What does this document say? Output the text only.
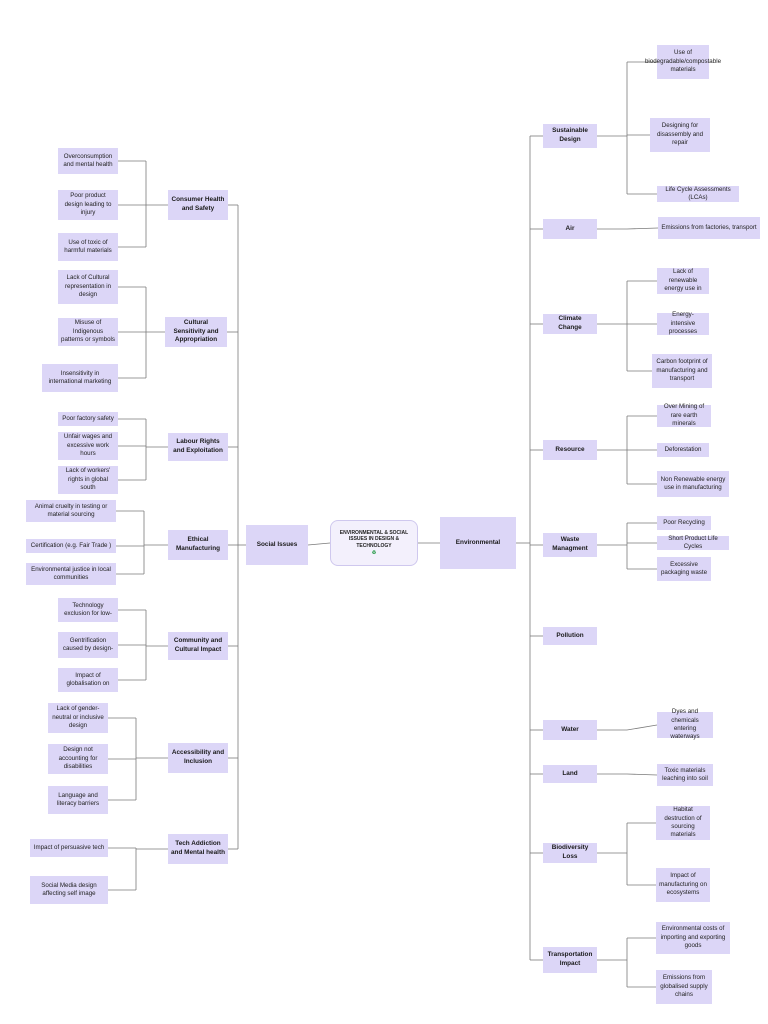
ENVIRONMENTAL & SOCIAL ISSUES IN DESIGN & TECHNOLOGY
♻
Social Issues	Environmental
Consumer Health and Safety
Overconsumption and mental health
Poor product design leading to injury
Use of toxic of harmful materials
Cultural Sensitivity and Appropriation
Lack of Cultural representation in design
Misuse of Indigenous patterns or symbols
Insensitivity in international marketing
Labour Rights and Exploitation
Poor factory safety
Unfair wages and excessive work hours
Lack of workers' rights in global south
Ethical Manufacturing
Animal cruelty in testing or material sourcing
Certification (e.g. Fair Trade )
Environmental justice in local communities
Community and Cultural Impact
Technology exclusion for low-
Gentrification caused by design-
Impact of globalisation on
Accessibility and Inclusion
Lack of gender-neutral or inclusive design
Design not accounting for disabilities
Language and literacy barriers
Tech Addiction and Mental health
Impact of persuasive tech
Social Media design affecting self image
Sustainable Design
Use of biodegradable/compostable materials
Designing for disassembly and repair
Life Cycle Assessments (LCAs)
Air	Emissions from factories, transport
Climate Change
Lack of renewable energy use in
Energy-intensive processes
Carbon footprint of manufacturing and transport
Resource
Over Mining of rare earth minerals
Deforestation
Non Renewable energy use in manufacturing
Waste Managment
Poor Recycling
Short Product Life Cycles
Excessive packaging waste
Pollution
Water
Dyes and chemicals entering waterways
Land	Toxic materials leaching into soil
Biodiversity Loss
Habitat destruction of sourcing materials
Impact of manufacturing on ecosystems
Transportation Impact
Environmental costs of importing and exporting goods
Emissions from globalised supply chains
